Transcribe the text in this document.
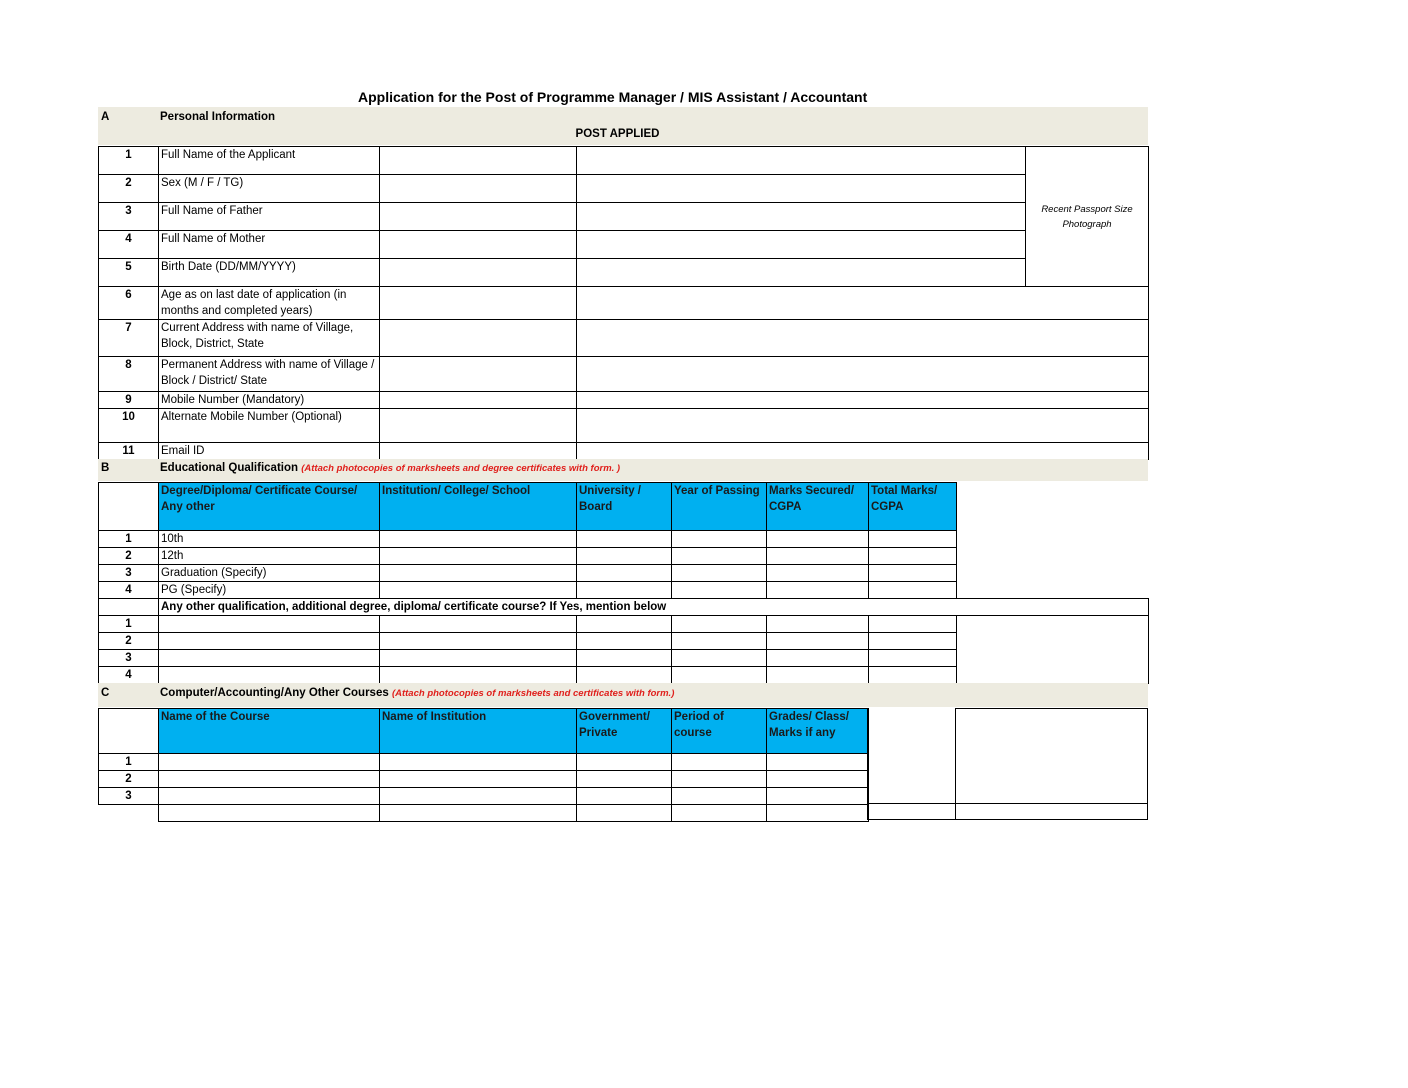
Application for the Post of Programme Manager / MIS Assistant / Accountant
A	Personal Information
POST APPLIED
1	Full Name of the Applicant			Recent Passport Size Photograph
2	Sex (M / F / TG)			
3	Full Name of Father			
4	Full Name of Mother			
5	Birth Date (DD/MM/YYYY)			
6	Age as on last date of application (in months and completed years)			
7	Current Address with name of Village, Block, District, State			
8	Permanent Address with name of Village / Block / District/ State			
9	Mobile Number (Mandatory)			
10	Alternate Mobile Number (Optional)			
11	Email ID			
B	Educational Qualification (Attach photocopies of marksheets and degree certificates with form. )
	Degree/Diploma/ Certificate Course/ Any other	Institution/ College/ School	University / Board	Year of Passing	Marks Secured/ CGPA	Total Marks/ CGPA
1	10th					
2	12th					
3	Graduation (Specify)					
4	PG (Specify)					
	Any other qualification, additional degree, diploma/ certificate course? If Yes, mention below						
1							
2							
3							
4							
C	Computer/Accounting/Any Other Courses (Attach photocopies of marksheets and certificates with form.)
	Name of the Course	Name of Institution	Government/ Private	Period of course	Grades/ Class/ Marks if any
1					
2					
3					
